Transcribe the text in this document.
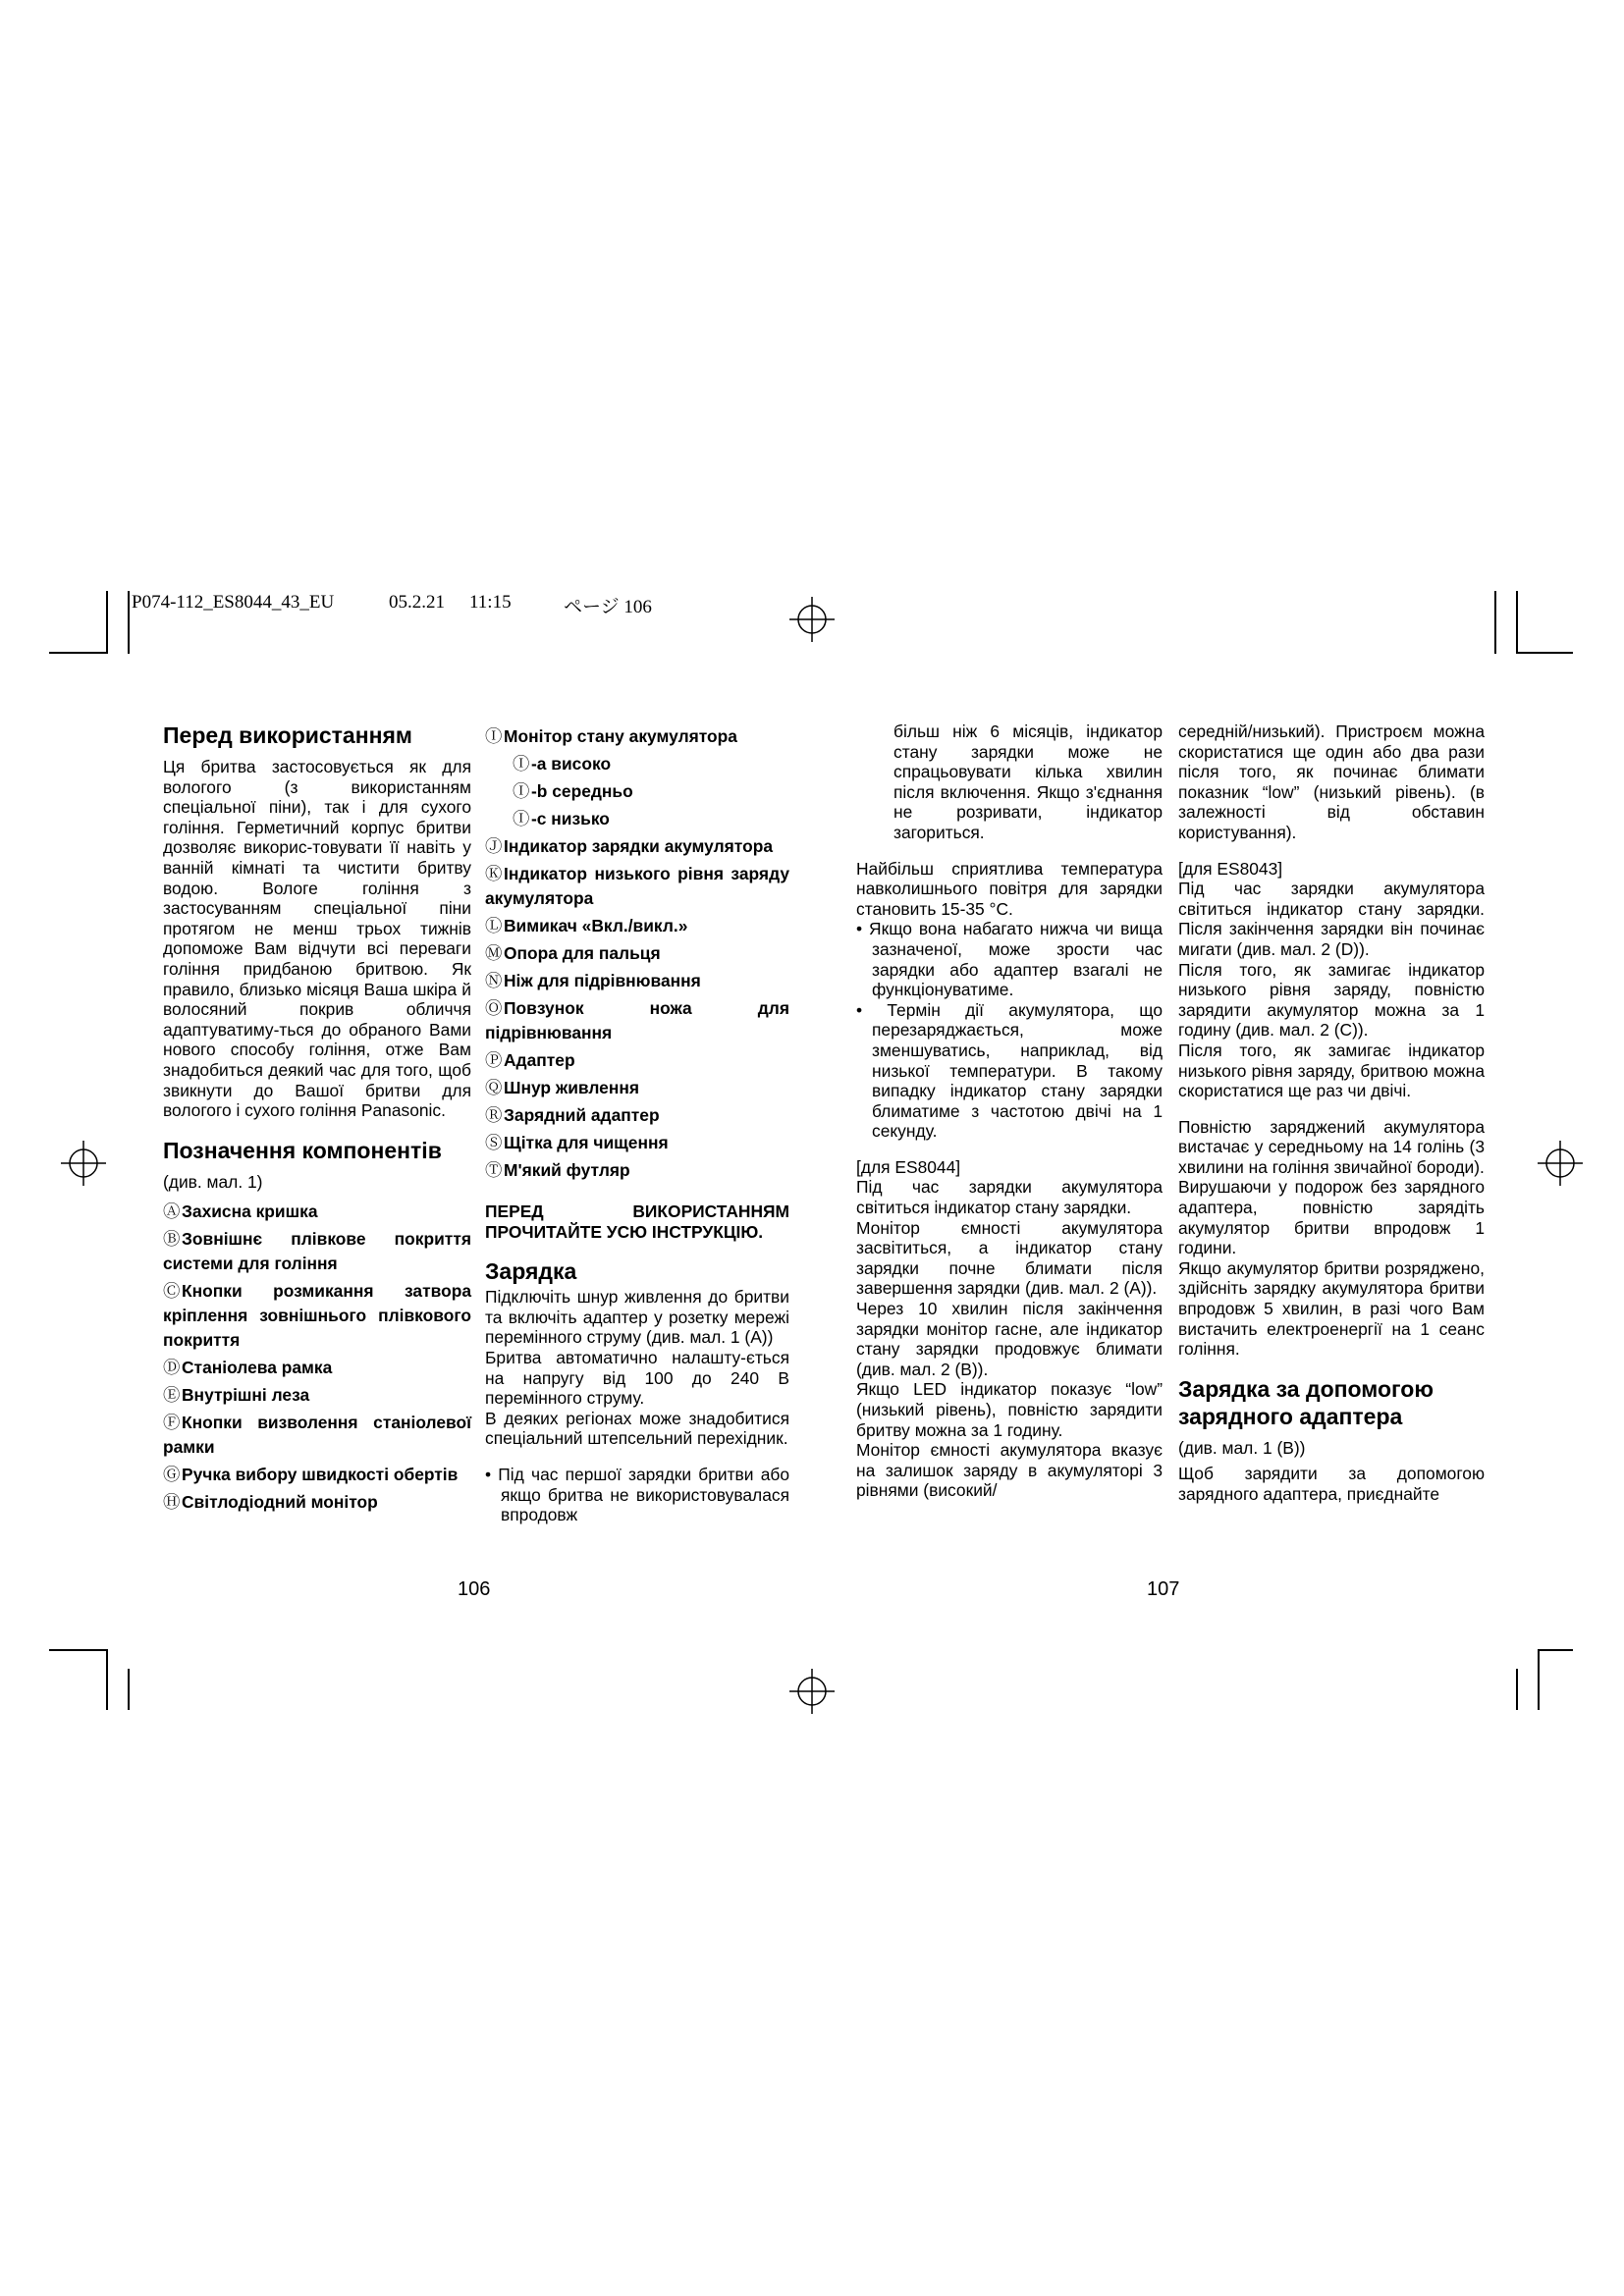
P074-112_ES8044_43_EU	05.2.21 11:15	ページ 106

Перед використанням

Ця бритва застосовується як для вологого (з використанням спеціальної піни), так і для сухого гоління. Герметичний корпус бритви дозволяє викорис-товувати її навіть у ванній кімнаті та чистити бритву водою. Вологе гоління з застосуванням спеціальної піни протягом не менш трьох тижнів допоможе Вам відчути всі переваги гоління придбаною бритвою. Як правило, близько місяця Ваша шкіра й волосяний покрив обличчя адаптуватиму-ться до обраного Вами нового способу гоління, отже Вам знадобиться деякий час для того, щоб звикнути до Вашої бритви для вологого і сухого гоління Panasonic.

Позначення компонентів

(див. мал. 1)

ⒶЗахисна кришка

ⒷЗовнішнє плівкове покриття системи для гоління

ⒸКнопки розмикання затвора кріплення зовнішнього плівкового покриття

ⒹСтаніолева рамка

ⒺВнутрішні леза

ⒻКнопки визволення станіолевої рамки

ⒼРучка вибору швидкості обертів

ⒽСвітлодіодний монітор

ⒾМонітор стану акумулятора

Ⓘ-a високо

Ⓘ-b середньо

Ⓘ-c низько

ⒿІндикатор зарядки акумулятора

ⓀІндикатор низького рівня заряду акумулятора

ⓁВимикач «Вкл./викл.»

ⓂОпора для пальця

ⓃНіж для підрівнювання

ⓄПовзунок ножа для підрівнювання

ⓅАдаптер

ⓆШнур живлення

ⓇЗарядний адаптер

ⓈЩітка для чищення

ⓉМ'який футляр

ПЕРЕД ВИКОРИСТАННЯМ ПРОЧИТАЙТЕ УСЮ ІНСТРУКЦІЮ.

Зарядка

Підключіть шнур живлення до бритви та включіть адаптер у розетку мережі перемінного струму (див. мал. 1 (A))

Бритва автоматично налашту-ється на напругу від 100 до 240 В перемінного струму.

В деяких регіонах може знадобитися спеціальний штепсельний перехідник.

• Під час першої зарядки бритви або якщо бритва не використовувалася впродовж

більш ніж 6 місяців, індикатор стану зарядки може не спрацьовувати кілька хвилин після включення. Якщо з'єднання не розривати, індикатор загориться.

Найбільш сприятлива температура навколишнього повітря для зарядки становить 15-35 °C.

• Якщо вона набагато нижча чи вища зазначеної, може зрости час зарядки або адаптер взагалі не функціонуватиме.

• Термін дії акумулятора, що перезаряджається, може зменшуватись, наприклад, від низької температури. В такому випадку індикатор стану зарядки блиматиме з частотою двічі на 1 секунду.

[для ES8044]

Під час зарядки акумулятора світиться індикатор стану зарядки.

Монітор ємності акумулятора засвітиться, а індикатор стану зарядки почне блимати після завершення зарядки (див. мал. 2 (A)).

Через 10 хвилин після закінчення зарядки монітор гасне, але індикатор стану зарядки продовжує блимати (див. мал. 2 (B)).

Якщо LED індикатор показує “low” (низький рівень), повністю зарядити бритву можна за 1 годину.

Монітор ємності акумулятора вказує на залишок заряду в акумуляторі 3 рівнями (високий/

середній/низький). Пристроєм можна скористатися ще один або два рази після того, як починає блимати показник “low” (низький рівень). (в залежності від обставин користування).

[для ES8043]

Під час зарядки акумулятора світиться індикатор стану зарядки. Після закінчення зарядки він починає мигати (див. мал. 2 (D)).

Після того, як замигає індикатор низького рівня заряду, повністю зарядити акумулятор можна за 1 годину (див. мал. 2 (C)).

Після того, як замигає індикатор низького рівня заряду, бритвою можна скористатися ще раз чи двічі.

Повністю заряджений акумулятора вистачає у середньому на 14 голінь (3 хвилини на гоління звичайної бороди).

Вирушаючи у подорож без зарядного адаптера, повністю зарядіть акумулятор бритви впродовж 1 години.

Якщо акумулятор бритви розряджено, здійсніть зарядку акумулятора бритви впродовж 5 хвилин, в разі чого Вам вистачить електроенергії на 1 сеанс гоління.

Зарядка за допомогою зарядного адаптера

(див. мал. 1 (B))

Щоб зарядити за допомогою зарядного адаптера, приєднайте

106	107
